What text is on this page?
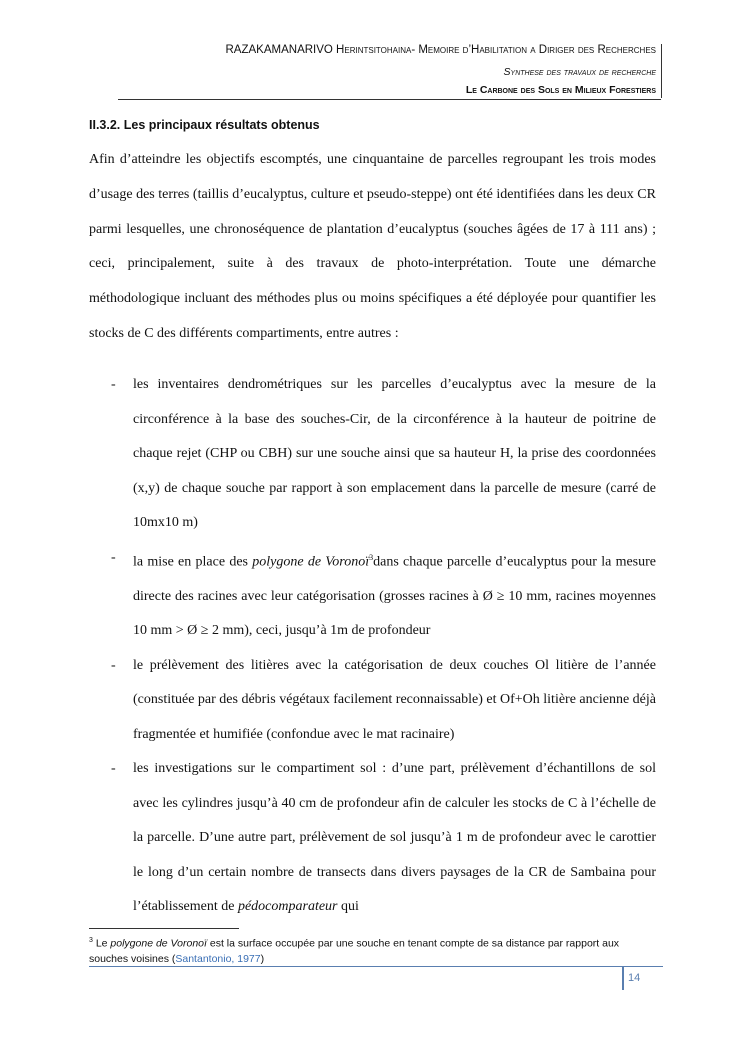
RAZAKAMANARIVO Herintsitohaina- Memoire d’Habilitation a Diriger des Recherches
Synthese des travaux de recherche
Le Carbone des Sols en Milieux Forestiers
II.3.2. Les principaux résultats obtenus

Afin d’atteindre les objectifs escomptés, une cinquantaine de parcelles regroupant les trois modes d’usage des terres (taillis d’eucalyptus, culture et pseudo-steppe) ont été identifiées dans les deux CR parmi lesquelles, une chronoséquence de plantation d’eucalyptus (souches âgées de 17 à 111 ans) ; ceci, principalement, suite à des travaux de photo-interprétation. Toute une démarche méthodologique incluant des méthodes plus ou moins spécifiques a été déployée pour quantifier les stocks de C des différents compartiments, entre autres :

- les inventaires dendrométriques sur les parcelles d’eucalyptus avec la mesure de la circonférence à la base des souches-Cir, de la circonférence à la hauteur de poitrine de chaque rejet (CHP ou CBH) sur une souche ainsi que sa hauteur H, la prise des coordonnées (x,y) de chaque souche par rapport à son emplacement dans la parcelle de mesure (carré de 10mx10 m)
- la mise en place des polygone de Voronoï$^3$dans chaque parcelle d’eucalyptus pour la mesure directe des racines avec leur catégorisation (grosses racines à Ø ≥ 10 mm, racines moyennes 10 mm > Ø ≥ 2 mm), ceci, jusqu’à 1m de profondeur
- le prélèvement des litières avec la catégorisation de deux couches Ol litière de l’année (constituée par des débris végétaux facilement reconnaissable) et Of+Oh litière ancienne déjà fragmentée et humifiée (confondue avec le mat racinaire)
- les investigations sur le compartiment sol : d’une part, prélèvement d’échantillons de sol avec les cylindres jusqu’à 40 cm de profondeur afin de calculer les stocks de C à l’échelle de la parcelle. D’une autre part, prélèvement de sol jusqu’à 1 m de profondeur avec le carottier le long d’un certain nombre de transects dans divers paysages de la CR de Sambaina pour l’établissement de pédocomparateur qui
$^3$ Le polygone de Voronoï est la surface occupée par une souche en tenant compte de sa distance par rapport aux souches voisines (Santantonio, 1977)
14
